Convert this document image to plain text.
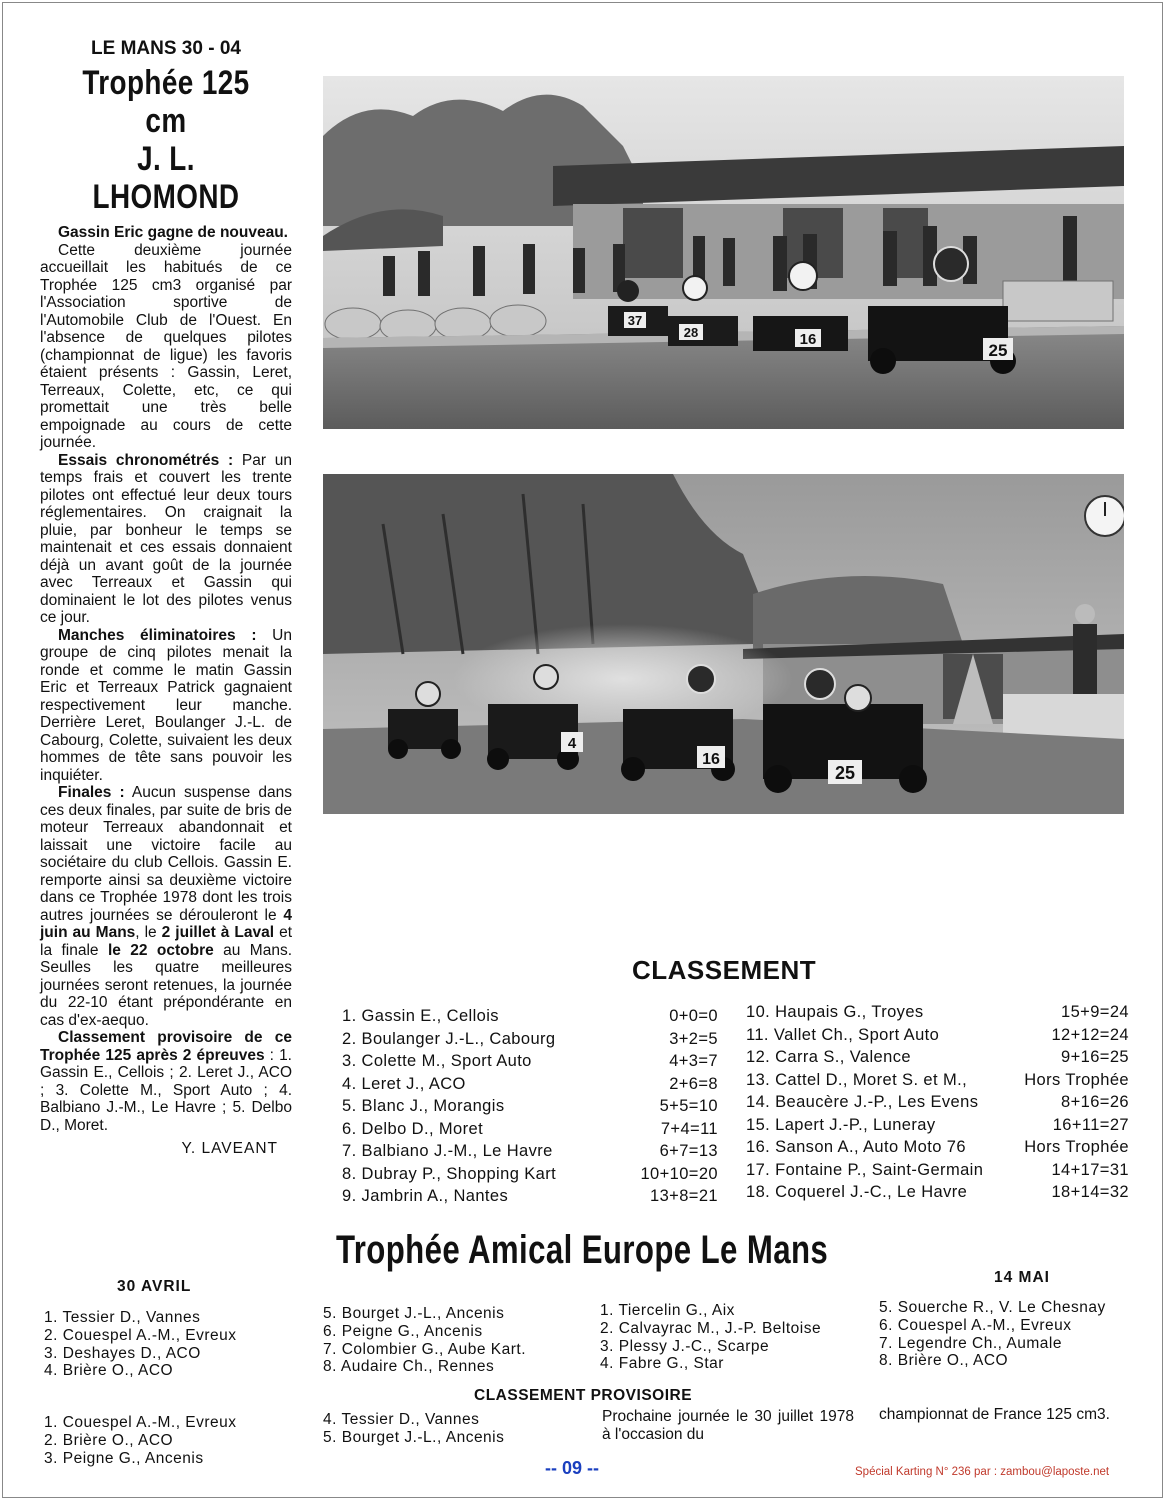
LE MANS 30 - 04
Trophée 125 cm
J. L. LHOMOND

Gassin Eric gagne de nouveau.

Cette deuxième journée accueillait les habitués de ce Trophée 125 cm3 organisé par l'Association sportive de l'Automobile Club de l'Ouest. En l'absence de quelques pilotes (championnat de ligue) les favoris étaient présents : Gassin, Leret, Terreaux, Colette, etc, ce qui promettait une très belle empoignade au cours de cette journée.

Essais chronométrés : Par un temps frais et couvert les trente pilotes ont effectué leur deux tours réglementaires. On craignait la pluie, par bonheur le temps se maintenait et ces essais donnaient déjà un avant goût de la journée avec Terreaux et Gassin qui dominaient le lot des pilotes venus ce jour.

Manches éliminatoires : Un groupe de cinq pilotes menait la ronde et comme le matin Gassin Eric et Terreaux Patrick gagnaient respectivement leur manche. Derrière Leret, Boulanger J.-L. de Cabourg, Colette, suivaient les deux hommes de tête sans pouvoir les inquiéter.

Finales : Aucun suspense dans ces deux finales, par suite de bris de moteur Terreaux abandonnait et laissait une victoire facile au sociétaire du club Cellois. Gassin E. remporte ainsi sa deuxième victoire dans ce Trophée 1978 dont les trois autres journées se dérouleront le 4 juin au Mans, le 2 juillet à Laval et la finale le 22 octobre au Mans. Seulles les quatre meilleures journées seront retenues, la journée du 22-10 étant prépondérante en cas d'ex-aequo.

Classement provisoire de ce Trophée 125 après 2 épreuves : 1. Gassin E., Cellois ; 2. Leret J., ACO ; 3. Colette M., Sport Auto ; 4. Balbiano J.-M., Le Havre ; 5. Delbo D., Moret.

Y. LAVEANT
37
28	16
25
4
16
25
CLASSEMENT
1. Gassin E., Cellois	0+0=0
2. Boulanger J.-L., Cabourg	3+2=5
3. Colette M., Sport Auto	4+3=7
4. Leret J., ACO	2+6=8
5. Blanc J., Morangis	5+5=10
6. Delbo D., Moret	7+4=11
7. Balbiano J.-M., Le Havre	6+7=13
8. Dubray P., Shopping Kart	10+10=20
9. Jambrin A., Nantes	13+8=21
10. Haupais G., Troyes	15+9=24
11. Vallet Ch., Sport Auto	12+12=24
12. Carra S., Valence	9+16=25
13. Cattel D., Moret S. et M.,	Hors Trophée
14. Beaucère J.-P., Les Evens	8+16=26
15. Lapert J.-P., Luneray	16+11=27
16. Sanson A., Auto Moto 76	Hors Trophée
17. Fontaine P., Saint-Germain	14+17=31
18. Coquerel J.-C., Le Havre	18+14=32
Trophée Amical Europe Le Mans
30 AVRIL
14 MAI
1. Tessier D., Vannes
2. Couespel A.-M., Evreux
3. Deshayes D., ACO
4. Brière O., ACO
5. Bourget J.-L., Ancenis
6. Peigne G., Ancenis
7. Colombier G., Aube Kart.
8. Audaire Ch., Rennes
1. Tiercelin G., Aix
2. Calvayrac M., J.-P. Beltoise
3. Plessy J.-C., Scarpe
4. Fabre G., Star
5. Souerche R., V. Le Chesnay
6. Couespel A.-M., Evreux
7. Legendre Ch., Aumale
8. Brière O., ACO
CLASSEMENT PROVISOIRE
1. Couespel A.-M., Evreux
2. Brière O., ACO
3. Peigne G., Ancenis
4. Tessier D., Vannes
5. Bourget J.-L., Ancenis
Prochaine journée le 30 juillet 1978 à l'occasion du
championnat de France 125 cm3.
-- 09 --	Spécial Karting N° 236 par : zambou@laposte.net
